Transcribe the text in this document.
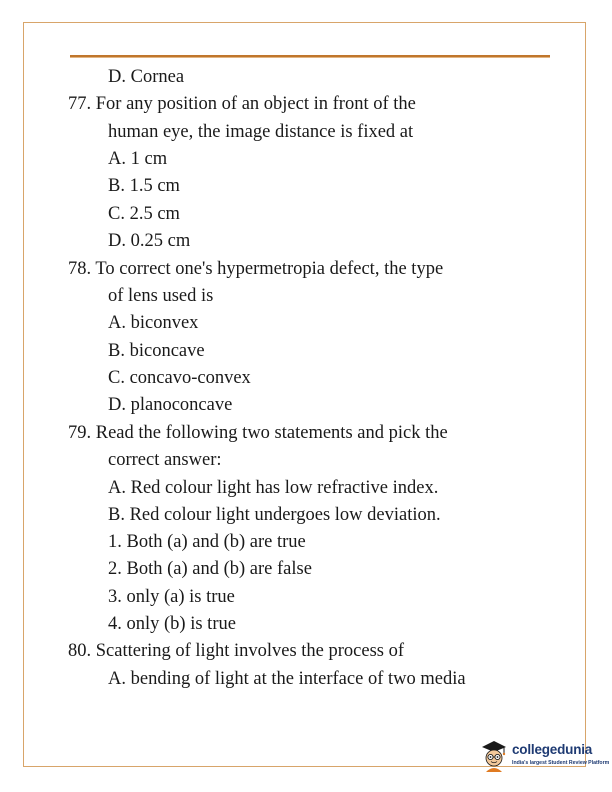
D. Cornea

77. For any position of an object in front of the

human eye, the image distance is fixed at

A. 1 cm

B. 1.5 cm

C. 2.5 cm

D. 0.25 cm

78. To correct one's hypermetropia defect, the type

of lens used is

A. biconvex

B. biconcave

C. concavo-convex

D. planoconcave

79. Read the following two statements and pick the

correct answer:

A. Red colour light has low refractive index.

B. Red colour light undergoes low deviation.

1. Both (a) and (b) are true

2. Both (a) and (b) are false

3. only (a) is true

4. only (b) is true

80. Scattering of light involves the process of

A. bending of light at the interface of two media

collegedunia
India's largest Student Review Platform
